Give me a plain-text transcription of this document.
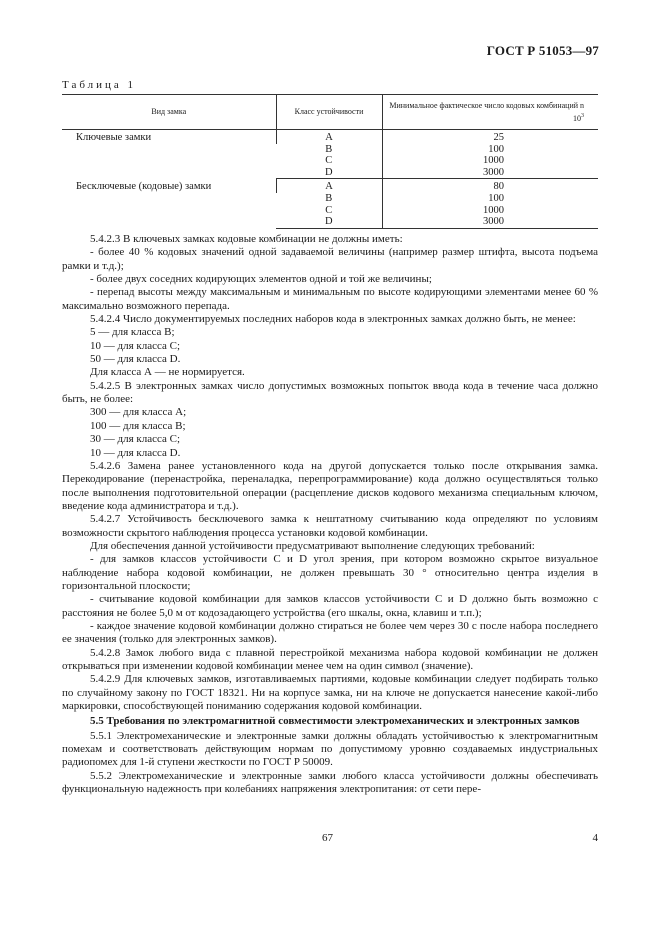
ГОСТ Р 51053—97
Таблица 1
Вид замка	Класс устойчивости	Минимальное фактическое число кодовых комбинаций n $10^3$
Ключевые замки	A	25
	B	100
	C	1000
	D	3000
Бесключевые (кодовые) замки	A	80
	B	100
	C	1000
	D	3000

5.4.2.3 В ключевых замках кодовые комбинации не должны иметь:

- более 40 % кодовых значений одной задаваемой величины (например размер штифта, высота подъема рамки и т.д.);

- более двух соседних кодирующих элементов одной и той же величины;

- перепад высоты между максимальным и минимальным по высоте кодирующими элементами менее 60 % максимально возможного перепада.

5.4.2.4 Число документируемых последних наборов кода в электронных замках должно быть, не менее:

5 — для класса В;

10 — для класса С;

50 — для класса D.

Для класса А — не нормируется.

5.4.2.5 В электронных замках число допустимых возможных попыток ввода кода в течение часа должно быть, не более:

300 — для класса А;

100 — для класса В;

30 — для класса С;

10 — для класса D.

5.4.2.6 Замена ранее установленного кода на другой допускается только после открывания замка. Перекодирование (перенастройка, переналадка, перепрограммирование) кода должно осуществляться только после выполнения подготовительной операции (расцепление дисков кодового механизма специальным ключом, введение кода администратора и т.д.).

5.4.2.7 Устойчивость бесключевого замка к нештатному считыванию кода определяют по условиям возможности скрытого наблюдения процесса установки кодовой комбинации.

Для обеспечения данной устойчивости предусматривают выполнение следующих требований:

- для замков классов устойчивости С и D угол зрения, при котором возможно скрытое визуальное наблюдение набора кодовой комбинации, не должен превышать 30 ° относительно центра изделия в горизонтальной плоскости;

- считывание кодовой комбинации для замков классов устойчивости С и D должно быть возможно с расстояния не более 5,0 м от кодозадающего устройства (его шкалы, окна, клавиш и т.п.);

- каждое значение кодовой комбинации должно стираться не более чем через 30 с после набора последнего ее значения (только для электронных замков).

5.4.2.8 Замок любого вида с плавной перестройкой механизма набора кодовой комбинации не должен открываться при изменении кодовой комбинации менее чем на один символ (значение).

5.4.2.9 Для ключевых замков, изготавливаемых партиями, кодовые комбинации следует подбирать только по случайному закону по ГОСТ 18321. Ни на корпусе замка, ни на ключе не допускается нанесение какой-либо маркировки, способствующей пониманию содержания кодовой комбинации.

5.5 Требования по электромагнитной совместимости электромеханических и электронных замков

5.5.1 Электромеханические и электронные замки должны обладать устойчивостью к электромагнитным помехам и соответствовать действующим нормам по допустимому уровню создаваемых индустриальных радиопомех для 1-й ступени жесткости по ГОСТ Р 50009.

5.5.2 Электромеханические и электронные замки любого класса устойчивости должны обеспечивать функциональную надежность при колебаниях напряжения электропитания: от сети пере-

67	4
